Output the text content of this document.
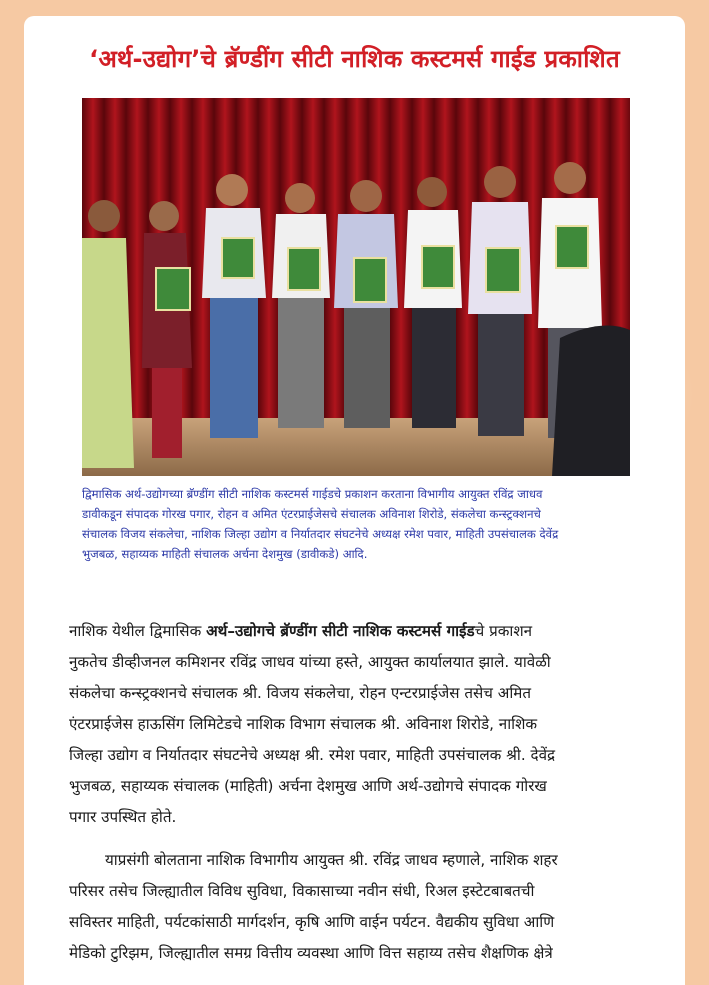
‘अर्थ-उद्योग’चे ब्रॅण्डींग सीटी नाशिक कस्टमर्स गाईड प्रकाशित
द्विमासिक अर्थ-उद्योगच्या ब्रॅण्डींग सीटी नाशिक कस्टमर्स गाईडचे प्रकाशन करताना विभागीय आयुक्त रविंद्र जाधव
डावीकडून संपादक गोरख पगार, रोहन व अमित एंटरप्राईजेसचे संचालक अविनाश शिरोडे, संकलेचा कन्स्ट्रक्शनचे
संचालक विजय संकलेचा, नाशिक जिल्हा उद्योग व निर्यातदार संघटनेचे अध्यक्ष रमेश पवार, माहिती उपसंचालक देवेंद्र
भुजबळ, सहाय्यक माहिती संचालक अर्चना देशमुख (डावीकडे) आदि.
नाशिक येथील द्विमासिक अर्थ–उद्योगचे ब्रॅण्डींग सीटी नाशिक कस्टमर्स गाईडचे प्रकाशन
नुकतेच डीव्हीजनल कमिशनर रविंद्र जाधव यांच्या हस्ते, आयुक्त कार्यालयात झाले. यावेळी
संकलेचा कन्स्ट्रक्शनचे संचालक श्री. विजय संकलेचा, रोहन एन्टरप्राईजेस तसेच अमित
एंटरप्राईजेस हाऊसिंग लिमिटेडचे नाशिक विभाग संचालक श्री. अविनाश शिरोडे, नाशिक
जिल्हा उद्योग व निर्यातदार संघटनेचे अध्यक्ष श्री. रमेश पवार, माहिती उपसंचालक श्री. देवेंद्र
भुजबळ, सहाय्यक संचालक (माहिती) अर्चना देशमुख आणि अर्थ-उद्योगचे संपादक गोरख
पगार उपस्थित होते.
याप्रसंगी बोलताना नाशिक विभागीय आयुक्त श्री. रविंद्र जाधव म्हणाले, नाशिक शहर
परिसर तसेच जिल्ह्यातील विविध सुविधा, विकासाच्या नवीन संधी, रिअल इस्टेटबाबतची
सविस्तर माहिती, पर्यटकांसाठी मार्गदर्शन, कृषि आणि वाईन पर्यटन. वैद्यकीय सुविधा आणि
मेडिको टुरिझम, जिल्ह्यातील समग्र वित्तीय व्यवस्था आणि वित्त सहाय्य तसेच शैक्षणिक क्षेत्रे
